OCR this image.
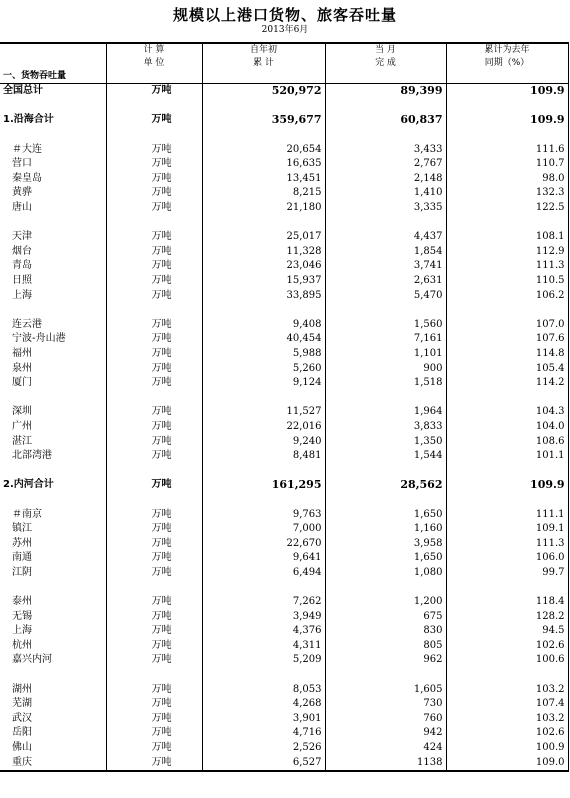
规模以上港口货物、旅客吞吐量
2013年6月
	计 算	自年初	当 月	累计为去年
	单 位	累 计	完 成	同期（%）
一、货物吞吐量				
全国总计	万吨	520,972	89,399	109.9

1.沿海合计	万吨	359,677	60,837	109.9

＃大连	万吨	20,654	3,433	111.6
营口	万吨	16,635	2,767	110.7
秦皇岛	万吨	13,451	2,148	98.0
黄骅	万吨	8,215	1,410	132.3
唐山	万吨	21,180	3,335	122.5

天津	万吨	25,017	4,437	108.1
烟台	万吨	11,328	1,854	112.9
青岛	万吨	23,046	3,741	111.3
日照	万吨	15,937	2,631	110.5
上海	万吨	33,895	5,470	106.2

连云港	万吨	9,408	1,560	107.0
宁波-舟山港	万吨	40,454	7,161	107.6
福州	万吨	5,988	1,101	114.8
泉州	万吨	5,260	900	105.4
厦门	万吨	9,124	1,518	114.2

深圳	万吨	11,527	1,964	104.3
广州	万吨	22,016	3,833	104.0
湛江	万吨	9,240	1,350	108.6
北部湾港	万吨	8,481	1,544	101.1

2.内河合计	万吨	161,295	28,562	109.9

＃南京	万吨	9,763	1,650	111.1
镇江	万吨	7,000	1,160	109.1
苏州	万吨	22,670	3,958	111.3
南通	万吨	9,641	1,650	106.0
江阴	万吨	6,494	1,080	99.7

泰州	万吨	7,262	1,200	118.4
无锡	万吨	3,949	675	128.2
上海	万吨	4,376	830	94.5
杭州	万吨	4,311	805	102.6
嘉兴内河	万吨	5,209	962	100.6

湖州	万吨	8,053	1,605	103.2
芜湖	万吨	4,268	730	107.4
武汉	万吨	3,901	760	103.2
岳阳	万吨	4,716	942	102.6
佛山	万吨	2,526	424	100.9
重庆	万吨	6,527	1138	109.0
